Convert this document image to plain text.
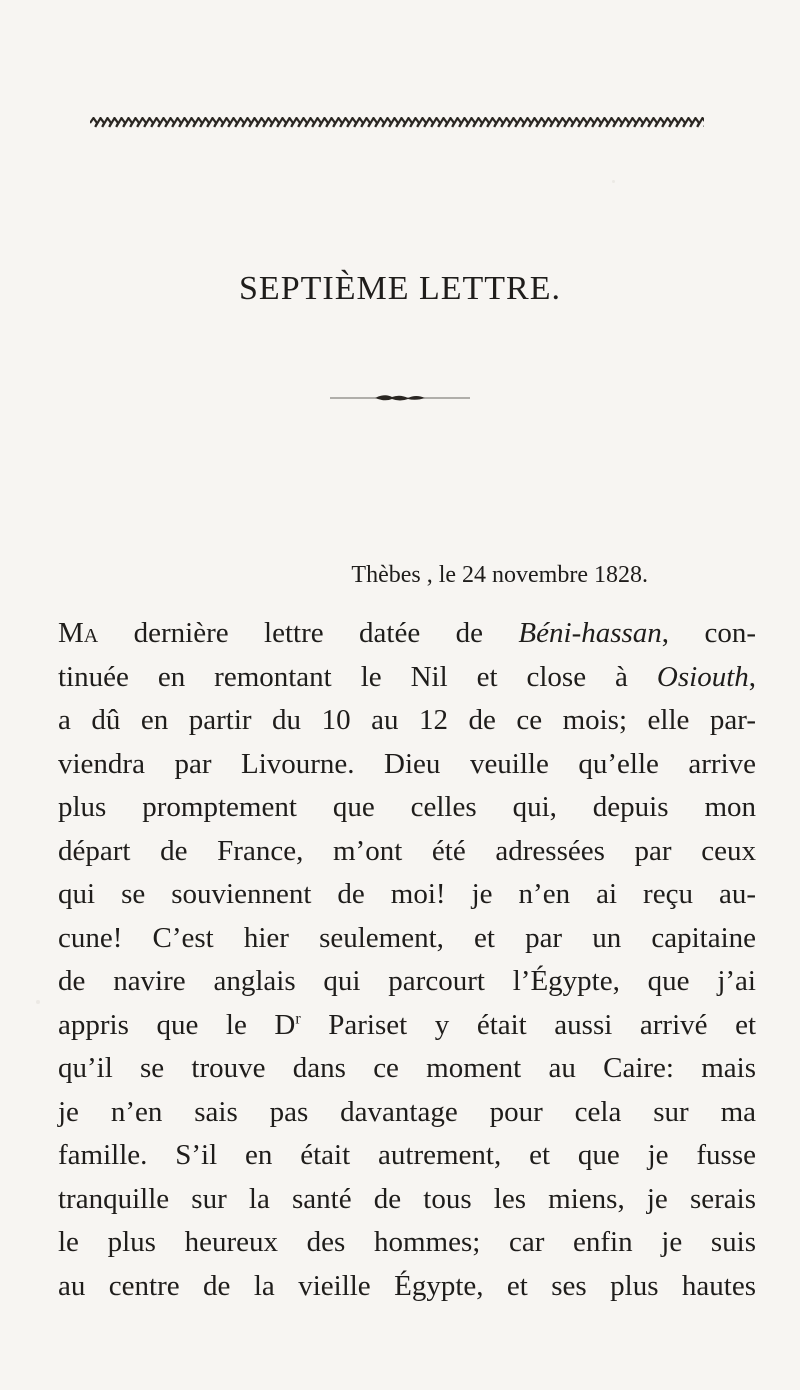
SEPTIÈME LETTRE.
Thèbes , le 24 novembre 1828.
Ma dernière lettre datée de Béni-hassan, con-
tinuée en remontant le Nil et close à Osiouth,
a dû en partir du 10 au 12 de ce mois; elle par-
viendra par Livourne. Dieu veuille qu’elle arrive
plus promptement que celles qui, depuis mon
départ de France, m’ont été adressées par ceux
qui se souviennent de moi! je n’en ai reçu au-
cune! C’est hier seulement, et par un capitaine
de navire anglais qui parcourt l’Égypte, que j’ai
appris que le $D^r$ Pariset y était aussi arrivé et
qu’il se trouve dans ce moment au Caire: mais
je n’en sais pas davantage pour cela sur ma
famille. S’il en était autrement, et que je fusse
tranquille sur la santé de tous les miens, je serais
le plus heureux des hommes; car enfin je suis
au centre de la vieille Égypte, et ses plus hautes
